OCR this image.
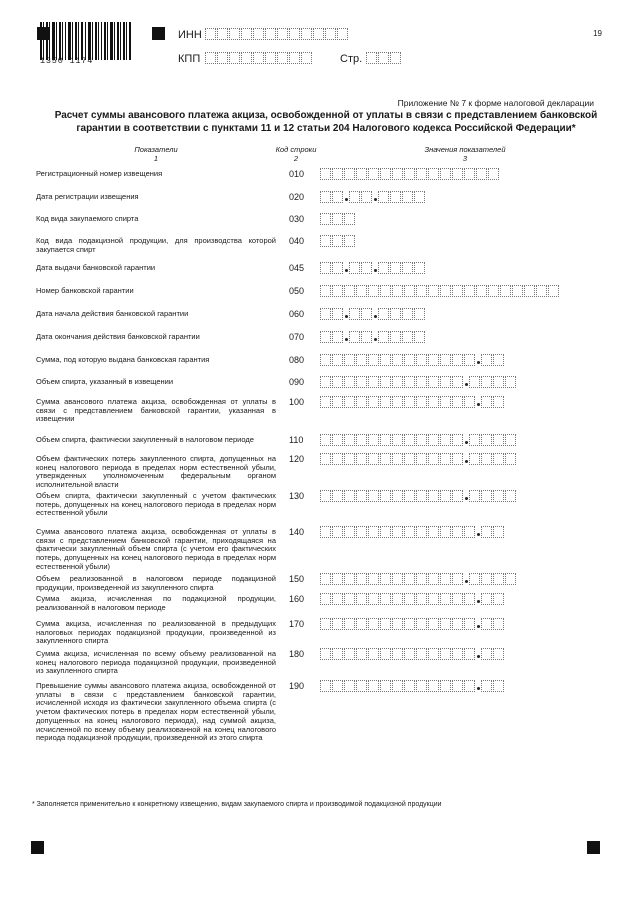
1350 1174
ИНН
КПП	Стр.
19
Приложение № 7 к форме налоговой декларации
Расчет суммы авансового платежа акциза, освобожденной от уплаты в связи с представлением банковской гарантии в соответствии с пунктами 11 и 12 статьи 204 Налогового кодекса Российской Федерации*
Показатели
1
Код строки
2
Значения показателей
3
Регистрационный номер извещения	010
Дата регистрации извещения	020
Код вида закупаемого спирта	030
Код вида подакцизной продукции, для производства которой закупается спирт
040
Дата выдачи банковской гарантии	045
Номер банковской гарантии	050
Дата начала действия банковской гарантии	060
Дата окончания действия банковской гарантии	070
Сумма, под которую выдана банковская гарантия	080
Объем спирта, указанный в извещении	090
Сумма авансового платежа акциза, освобожденная от уплаты в связи с представлением банковской гарантии, указанная в извещении
100
Объем спирта, фактически закупленный в налоговом периоде	110
Объем фактических потерь закупленного спирта, допущенных на конец налогового периода в пределах норм естественной убыли, утвержденных уполномоченным федеральным органом исполнительной власти
120
Объем спирта, фактически закупленный с учетом фактических потерь, допущенных на конец налогового периода в пределах норм естественной убыли
130
Сумма авансового платежа акциза, освобожденная от уплаты в связи с представлением банковской гарантии, приходящаяся на фактически закупленный объем спирта (с учетом его фактических потерь, допущенных на конец налогового периода в пределах норм естественной убыли)
140
Объем реализованной в налоговом периоде подакцизной продукции, произведенной из закупленного спирта
150
Сумма акциза, исчисленная по подакцизной продукции, реализованной в налоговом периоде
160
Сумма акциза, исчисленная по реализованной в предыдущих налоговых периодах подакцизной продукции, произведенной из закупленного спирта
170
Сумма акциза, исчисленная по всему объему реализованной на конец налогового периода подакцизной продукции, произведенной из закупленного спирта
180
Превышение суммы авансового платежа акциза, освобожденной от уплаты в связи с представлением банковской гарантии, исчисленной исходя из фактически закупленного объема спирта (с учетом фактических потерь в пределах норм естественной убыли, допущенных на конец налогового периода), над суммой акциза, исчисленной по всему объему реализованной на конец налогового периода подакцизной продукции, произведенной из этого спирта
190
* Заполняется применительно к конкретному извещению, видам закупаемого спирта и производимой подакцизной продукции
